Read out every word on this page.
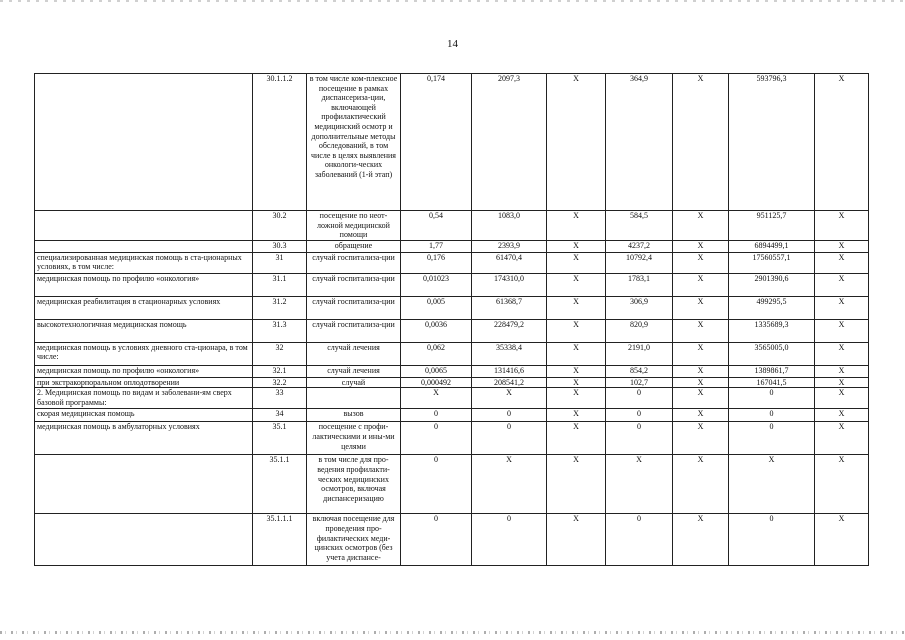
14
	30.1.1.2	в том числе ком-плексное посещение в рамках диспансериза-ции, включающей профилактический медицинский осмотр и дополнительные методы обследований, в том числе в целях выявления онкологи-ческих заболеваний (1-й этап)	0,174	2097,3	X	364,9	X	593796,3	X
	30.2	посещение по неот-ложной медицинской помощи	0,54	1083,0	X	584,5	X	951125,7	X
	30.3	обращение	1,77	2393,9	X	4237,2	X	6894499,1	X
специализированная медицинская помощь в ста-ционарных условиях, в том числе:	31	случай госпитализа-ции	0,176	61470,4	X	10792,4	X	17560557,1	X
медицинская помощь по профилю «онкология»	31.1	случай госпитализа-ции	0,01023	174310,0	X	1783,1	X	2901390,6	X
медицинская реабилитация в стационарных условиях	31.2	случай госпитализа-ции	0,005	61368,7	X	306,9	X	499295,5	X
высокотехнологичная медицинская помощь	31.3	случай госпитализа-ции	0,0036	228479,2	X	820,9	X	1335689,3	X
медицинская помощь в условиях дневного ста-ционара, в том числе:	32	случай лечения	0,062	35338,4	X	2191,0	X	3565005,0	X
медицинская помощь по профилю «онкология»	32.1	случай лечения	0,0065	131416,6	X	854,2	X	1389861,7	X
при экстракорпоральном оплодотворении	32.2	случай	0,000492	208541,2	X	102,7	X	167041,5	X
2. Медицинская помощь по видам и заболевани-ям сверх базовой программы:	33		X	X	X	0	X	0	X
скорая медицинская помощь	34	вызов	0	0	X	0	X	0	X
медицинская помощь в амбулаторных условиях	35.1	посещение с профи-лактическими и ины-ми целями	0	0	X	0	X	0	X
	35.1.1	в том числе для про-ведения профилакти-ческих медицинских осмотров, включая диспансеризацию	0	X	X	X	X	X	X
	35.1.1.1	включая посещение для проведения про-филактических меди-цинских осмотров (без учета диспансе-	0	0	X	0	X	0	X
